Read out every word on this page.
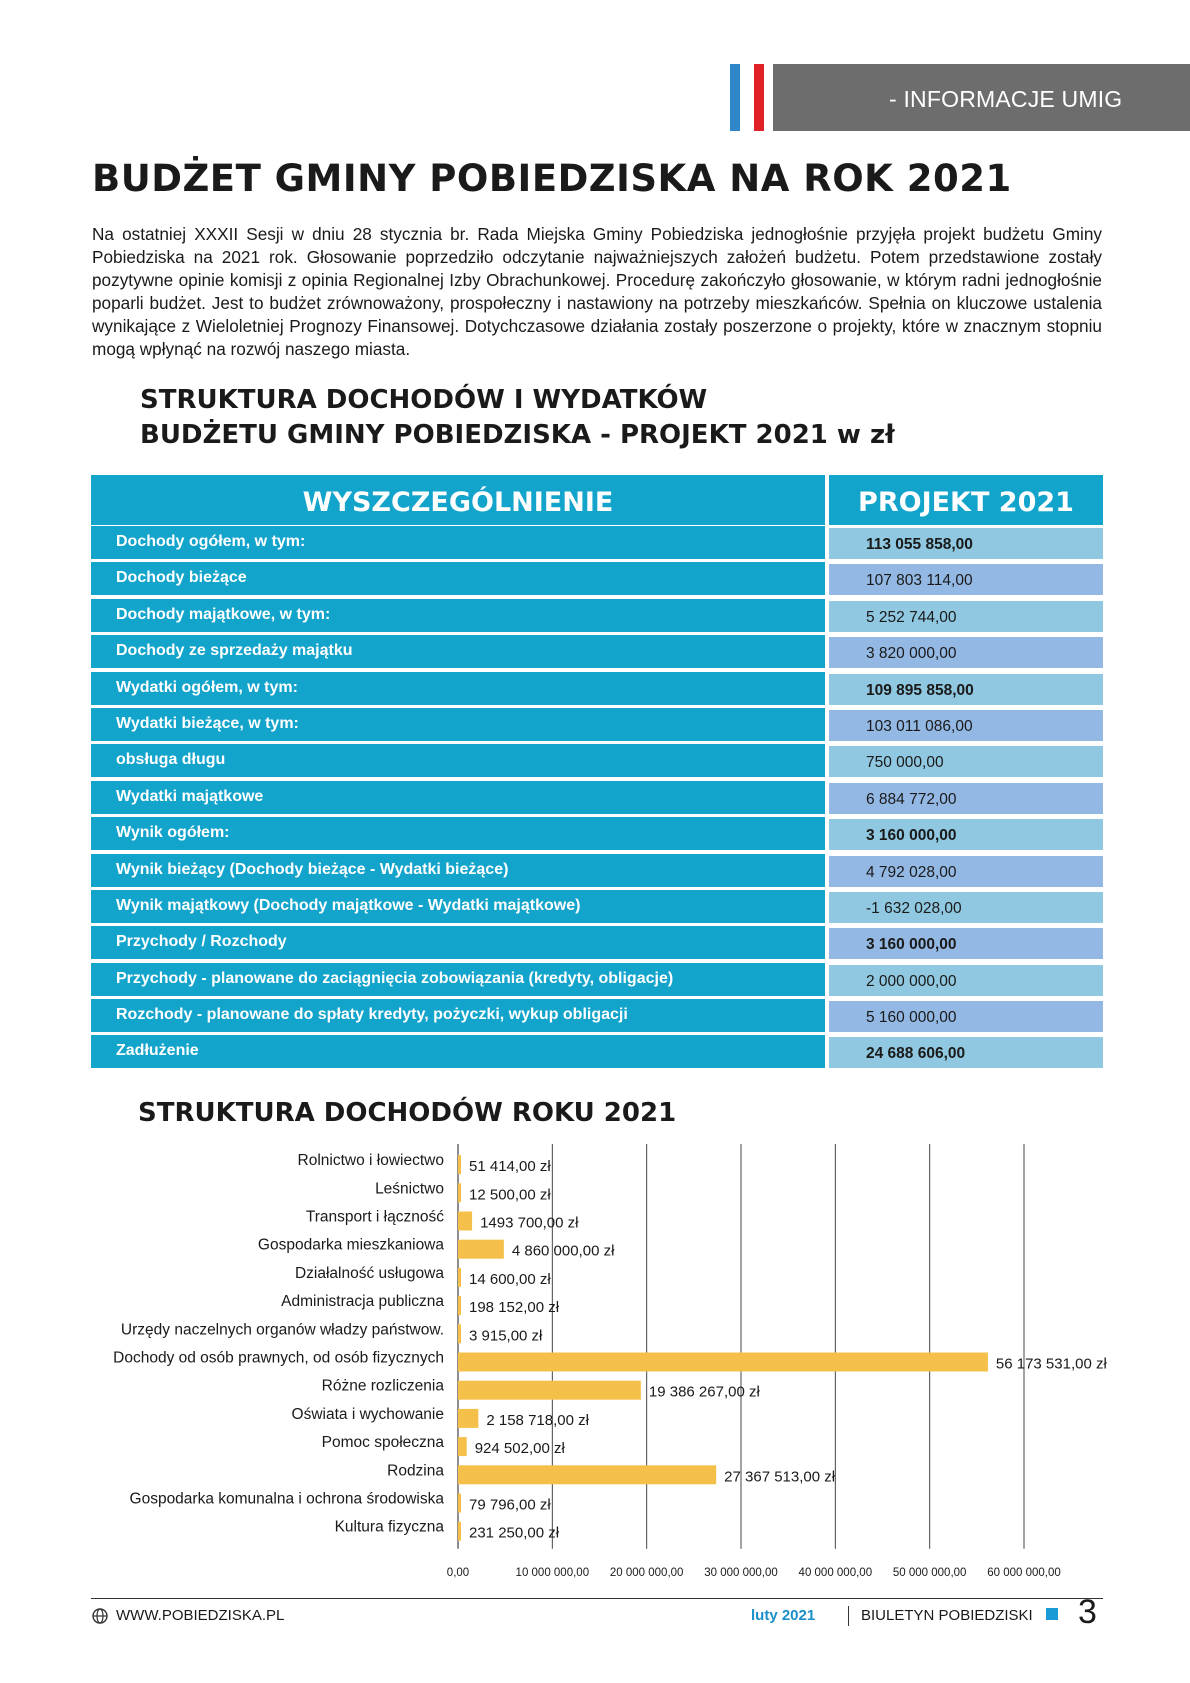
- INFORMACJE UMIG
BUDŻET GMINY POBIEDZISKA NA ROK 2021

Na ostatniej XXXII Sesji w dniu 28 stycznia br. Rada Miejska Gminy Pobiedziska jednogłośnie przyjęła projekt budżetu Gminy Pobiedziska na 2021 rok. Głosowanie poprzedziło odczytanie najważniejszych założeń budżetu. Potem przedstawione zostały pozytywne opinie komisji z opinia Regionalnej Izby Obrachunkowej. Procedurę zakończyło głosowanie, w którym radni jednogłośnie poparli budżet. Jest to budżet zrównoważony, prospołeczny i nastawiony na potrzeby mieszkańców. Spełnia on kluczowe ustalenia wynikające z Wieloletniej Prognozy Finansowej. Dotychczasowe działania zostały poszerzone o projekty, które w znacznym stopniu mogą wpłynąć na rozwój naszego miasta.

STRUKTURA DOCHODÓW I WYDATKÓW
BUDŻETU GMINY POBIEDZISKA - PROJEKT 2021 w zł
WYSZCZEGÓLNIENIE	PROJEKT 2021
Dochody ogółem, w tym:	113 055 858,00
Dochody bieżące	107 803 114,00
Dochody majątkowe, w tym:	5 252 744,00
Dochody ze sprzedaży majątku	3 820 000,00
Wydatki ogółem, w tym:	109 895 858,00
Wydatki bieżące, w tym:	103 011 086,00
obsługa długu	750 000,00
Wydatki majątkowe	6 884 772,00
Wynik ogółem:	3 160 000,00
Wynik bieżący (Dochody bieżące - Wydatki bieżące)	4 792 028,00
Wynik majątkowy (Dochody majątkowe - Wydatki majątkowe)	-1 632 028,00
Przychody / Rozchody	3 160 000,00
Przychody - planowane do zaciągnięcia zobowiązania (kredyty, obligacje)	2 000 000,00
Rozchody - planowane do spłaty kredyty, pożyczki, wykup obligacji	5 160 000,00
Zadłużenie	24 688 606,00
STRUKTURA DOCHODÓW ROKU 2021
0,00	10 000 000,00 20 000 000,00 30 000 000,00 40 000 000,00 50 000 000,00 60 000 000,00
Rolnictwo i łowiectwo 51 414,00 zł
Leśnictwo 12 500,00 zł
Transport i łączność 1493 700,00 zł
Gospodarka mieszkaniowa	4 860 000,00 zł
Działalność usługowa 14 600,00 zł
Administracja publiczna 198 152,00 zł
Urzędy naczelnych organów władzy państwow. 3 915,00 zł
Dochody od osób prawnych, od osób fizycznych	56 173 531,00 zł
Różne rozliczenia	19 386 267,00 zł
Oświata i wychowanie	2 158 718,00 zł
Pomoc społeczna 924 502,00 zł
Rodzina	27 367 513,00 zł
Gospodarka komunalna i ochrona środowiska 79 796,00 zł
Kultura fizyczna 231 250,00 zł
WWW.POBIEDZISKA.PL	luty 2021	BIULETYN POBIEDZISKI 3
